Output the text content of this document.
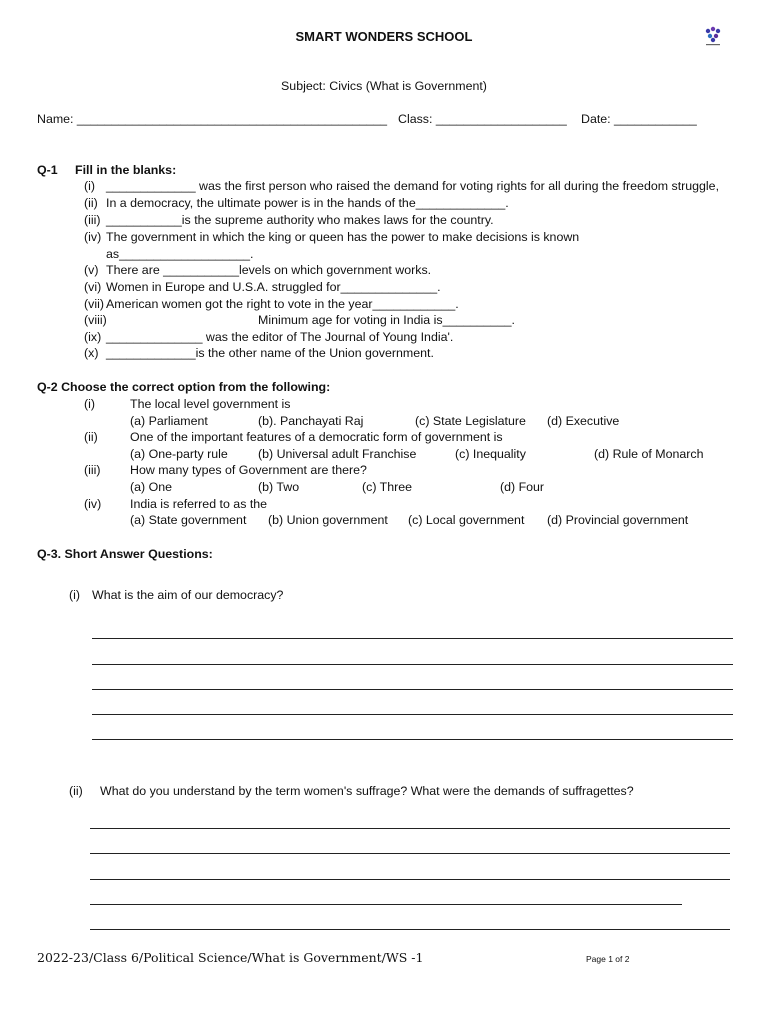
SMART WONDERS SCHOOL
Subject: Civics (What is Government)
Name: _____________________________________________ Class: ___________________ Date: ____________
Q-1 Fill in the blanks:
(i) _____________ was the first person who raised the demand for voting rights for all during the freedom struggle,
(ii) In a democracy, the ultimate power is in the hands of the_____________.
(iii) ___________is the supreme authority who makes laws for the country.
(iv) The government in which the king or queen has the power to make decisions is known
as___________________.
(v) There are ___________levels on which government works.
(vi) Women in Europe and U.S.A. struggled for______________.
(vii) American women got the right to vote in the year____________.
(viii)	Minimum age for voting in India is__________.
(ix) ______________ was the editor of The Journal of Young India'.
(x) _____________is the other name of the Union government.
Q-2 Choose the correct option from the following:
(i)	The local level government is
(a) Parliament	(b). Panchayati Raj	(c) State Legislature (d) Executive
(ii)	One of the important features of a democratic form of government is
(a) One-party rule (b) Universal adult Franchise	(c) Inequality	(d) Rule of Monarch
(iii) How many types of Government are there?
(a) One	(b) Two	(c) Three	(d) Four
(iv) India is referred to as the
(a) State government (b) Union government (c) Local government (d) Provincial government
Q-3. Short Answer Questions:
(i) What is the aim of our democracy?
(ii) What do you understand by the term women's suffrage? What were the demands of suffragettes?
2022-23/Class 6/Political Science/What is Government/WS -1	Page 1 of 2
